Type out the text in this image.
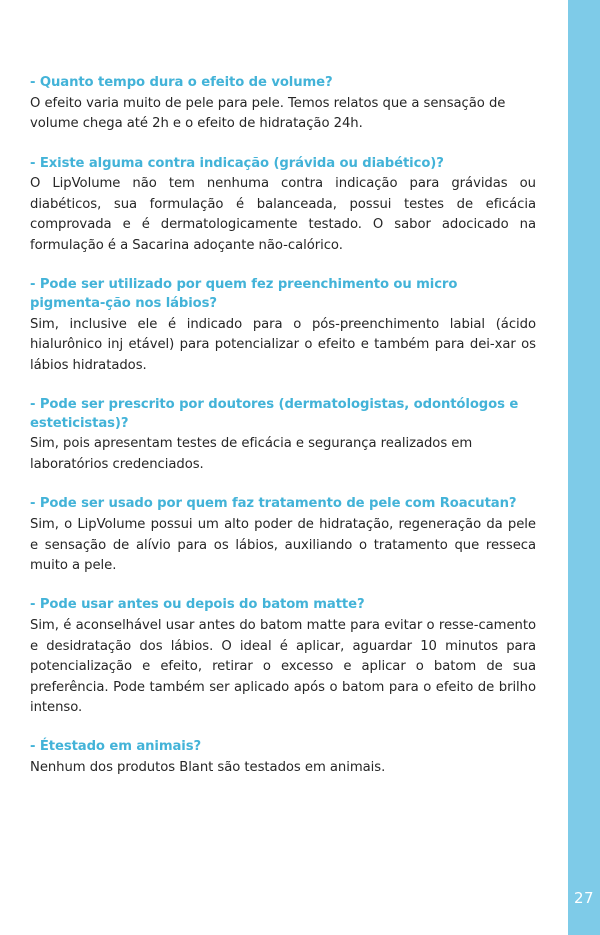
27

- Quanto tempo dura o efeito de volume?

O efeito varia muito de pele para pele. Temos relatos que a sensação de volume chega até 2h e o efeito de hidratação 24h.

- Existe alguma contra indicação (grávida ou diabético)?

O LipVolume não tem nenhuma contra indicação para grávidas ou diabéticos, sua formulação é balanceada, possui testes de eficácia comprovada e é dermatologicamente testado. O sabor adocicado na formulação é a Sacarina adoçante não-calórico.

- Pode ser utilizado por quem fez preenchimento ou micro pigmenta-ção nos lábios?

Sim, inclusive ele é indicado para o pós-preenchimento labial (ácido hialurônico inj etável) para potencializar o efeito e também para dei-xar os lábios hidratados.

- Pode ser prescrito por doutores (dermatologistas, odontólogos e esteticistas)?

Sim, pois apresentam testes de eficácia e segurança realizados em laboratórios credenciados.

- Pode ser usado por quem faz tratamento de pele com Roacutan?

Sim, o LipVolume possui um alto poder de hidratação, regeneração da pele e sensação de alívio para os lábios, auxiliando o tratamento que resseca muito a pele.

- Pode usar antes ou depois do batom matte?

Sim, é aconselhável usar antes do batom matte para evitar o resse-camento e desidratação dos lábios. O ideal é aplicar, aguardar 10 minutos para potencialização e efeito, retirar o excesso e aplicar o batom de sua preferência. Pode também ser aplicado após o batom para o efeito de brilho intenso.

- Étestado em animais?

Nenhum dos produtos Blant são testados em animais.
